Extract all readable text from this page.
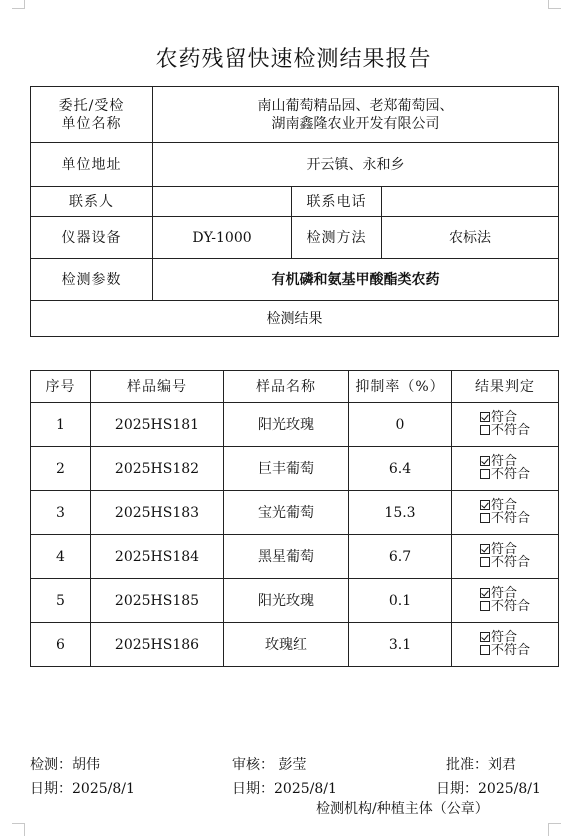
农药残留快速检测结果报告
委托/受检
单位名称	南山葡萄精品园、老郑葡萄园、
湖南鑫隆农业开发有限公司		
单位地址	开云镇、永和乡		
联系人		联系电话	
仪器设备	DY-1000	检测方法	农标法
检测参数	有机磷和氨基甲酸酯类农药		
检测结果			
序号	样品编号	样品名称	抑制率（%）	结果判定
1	2025HS181	阳光玫瑰	0	符合
不符合

2	2025HS182	巨丰葡萄	6.4	符合
不符合

3	2025HS183	宝光葡萄	15.3	符合
不符合

4	2025HS184	黑星葡萄	6.7	符合
不符合

5	2025HS185	阳光玫瑰	0.1	符合
不符合

6	2025HS186	玫瑰红	3.1	符合
不符合
检测：胡伟	审核： 彭莹	批准：刘君
日期：2025/8/1	日期：2025/8/1	日期：2025/8/1
检测机构/种植主体（公章）
